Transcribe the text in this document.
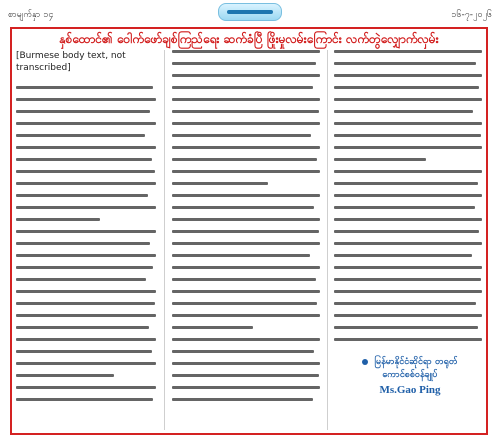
စာမျက်နှာ ၁၄	၁၆-၇-၂၀၂၆
နှစ်ထောင်၏ ဝေါက်ဖော်ချစ်ကြည်ရေး ဆက်ခံပြီ ဖြိုးမှုလမ်းကြောင်း လက်တွဲလျှောက်လှမ်း

[Burmese body text, not transcribed]

မြန်မာနိုင်ငံဆိုင်ရာ တရုတ်
ကောင်စစ်ဝန်ချုပ်
Ms.Gao Ping
